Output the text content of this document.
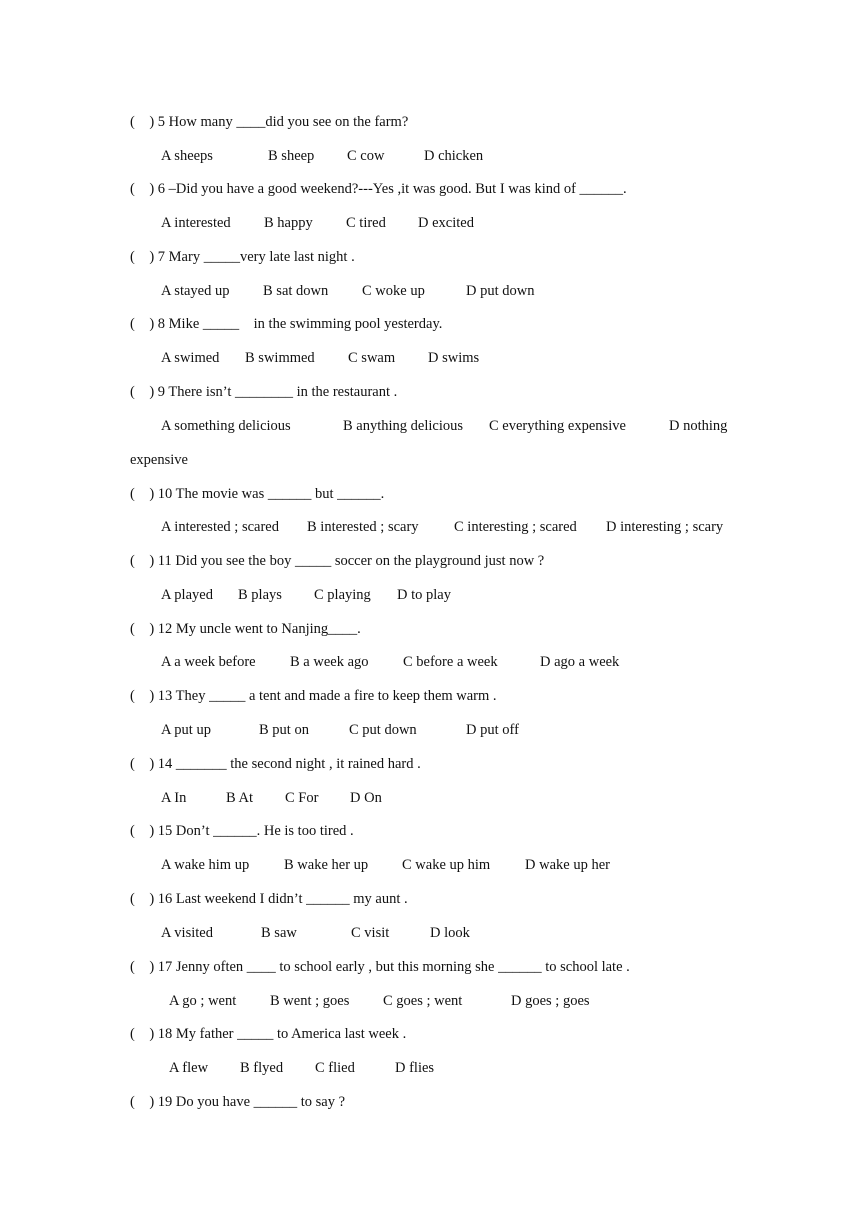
(    ) 5 How many ____did you see on the farm?
A sheeps	B sheep C cow	D chicken
(    ) 6 –Did you have a good weekend?---Yes ,it was good. But I was kind of ______.
A interested B happy C tired D excited
(    ) 7 Mary _____very late last night .
A stayed up B sat down C woke up	D put down
(    ) 8 Mike _____    in the swimming pool yesterday.
A swimed B swimmed C swam D swims
(    ) 9 There isn’t ________ in the restaurant .
A something delicious	B anything delicious C everything expensive	D nothing
expensive
(    ) 10 The movie was ______ but ______.
A interested ; scared B interested ; scary C interesting ; scared D interesting ; scary
(    ) 11 Did you see the boy _____ soccer on the playground just now ?
A played B plays C playing D to play
(    ) 12 My uncle went to Nanjing____.
A a week before B a week ago C before a week	D ago a week
(    ) 13 They _____ a tent and made a fire to keep them warm .
A put up	B put on	C put down	D put off
(    ) 14 _______ the second night , it rained hard .
A In	B At C For D On
(    ) 15 Don’t ______. He is too tired .
A wake him up B wake her up C wake up him D wake up her
(    ) 16 Last weekend I didn’t ______ my aunt .
A visited	B saw	C visit	D look
(    ) 17 Jenny often ____ to school early , but this morning she ______ to school late .
A go ; went B went ; goes C goes ; went	D goes ; goes
(    ) 18 My father _____ to America last week .
A flew B flyed C flied	D flies
(    ) 19 Do you have ______ to say ?
